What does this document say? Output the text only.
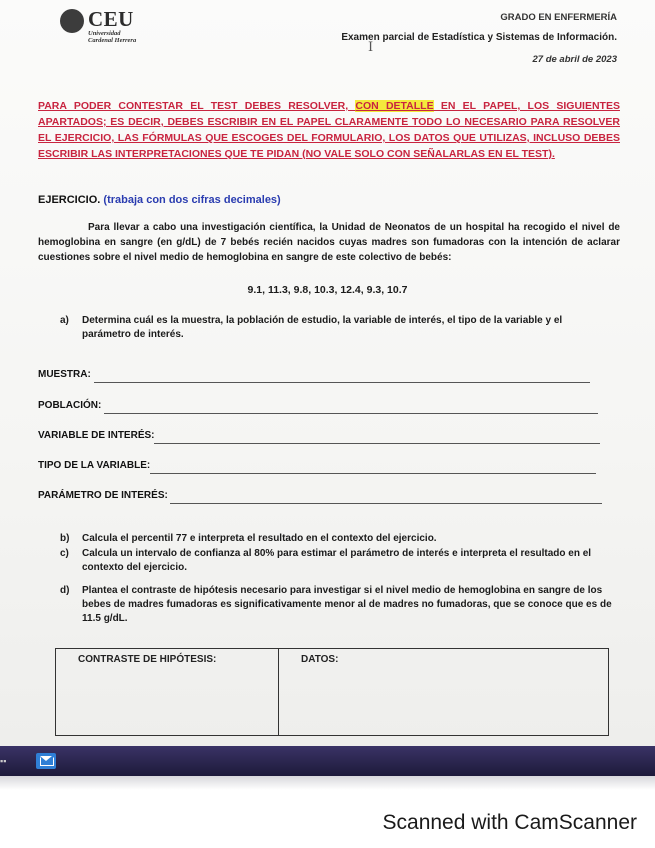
CEU
Universidad
Cardenal Herrera
GRADO EN ENFERMERÍA
Examen parcial de Estadística y Sistemas de Información.
27 de abril de 2023
I
PARA PODER CONTESTAR EL TEST DEBES RESOLVER, CON DETALLE EN EL PAPEL, LOS SIGUIENTES APARTADOS; ES DECIR, DEBES ESCRIBIR EN EL PAPEL CLARAMENTE TODO LO NECESARIO PARA RESOLVER EL EJERCICIO, LAS FÓRMULAS QUE ESCOGES DEL FORMULARIO, LOS DATOS QUE UTILIZAS, INCLUSO DEBES ESCRIBIR LAS INTERPRETACIONES QUE TE PIDAN (NO VALE SOLO CON SEÑALARLAS EN EL TEST).
EJERCICIO. (trabaja con dos cifras decimales)
Para llevar a cabo una investigación científica, la Unidad de Neonatos de un hospital ha recogido el nivel de hemoglobina en sangre (en g/dL) de 7 bebés recién nacidos cuyas madres son fumadoras con la intención de aclarar cuestiones sobre el nivel medio de hemoglobina en sangre de este colectivo de bebés:
9.1, 11.3, 9.8, 10.3, 12.4, 9.3, 10.7
a) Determina cuál es la muestra, la población de estudio, la variable de interés, el tipo de la variable y el parámetro de interés.
MUESTRA:
POBLACIÓN:
VARIABLE DE INTERÉS:
TIPO DE LA VARIABLE:
PARÁMETRO DE INTERÉS:
b) Calcula el percentil 77 e interpreta el resultado en el contexto del ejercicio.
c) Calcula un intervalo de confianza al 80% para estimar el parámetro de interés e interpreta el resultado en el contexto del ejercicio.
d) Plantea el contraste de hipótesis necesario para investigar si el nivel medio de hemoglobina en sangre de los bebes de madres fumadoras es significativamente menor al de madres no fumadoras, que se conoce que es de 11.5 g/dL.
CONTRASTE DE HIPÓTESIS:	DATOS:
▪▪
Scanned with CamScanner
